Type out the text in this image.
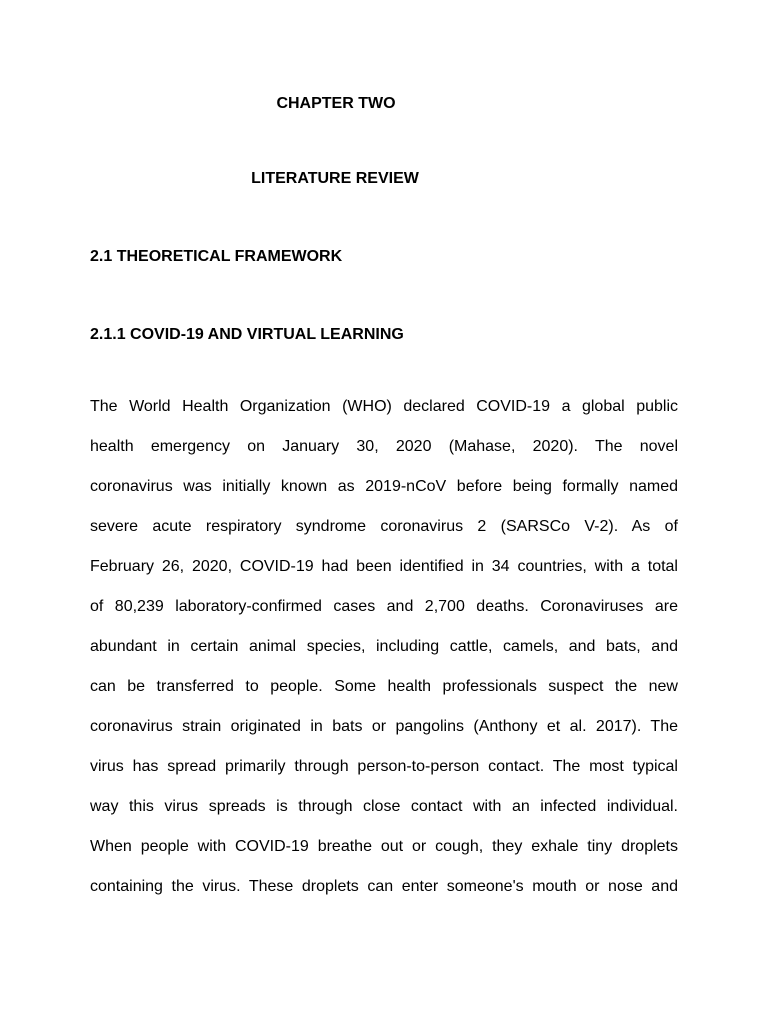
CHAPTER TWO
LITERATURE REVIEW
2.1 THEORETICAL FRAMEWORK
2.1.1 COVID-19 AND VIRTUAL LEARNING
The World Health Organization (WHO) declared COVID-19 a global public
health emergency on January 30, 2020 (Mahase, 2020). The novel
coronavirus was initially known as 2019-nCoV before being formally named
severe acute respiratory syndrome coronavirus 2 (SARSCo V-2). As of
February 26, 2020, COVID-19 had been identified in 34 countries, with a total
of 80,239 laboratory-confirmed cases and 2,700 deaths. Coronaviruses are
abundant in certain animal species, including cattle, camels, and bats, and
can be transferred to people. Some health professionals suspect the new
coronavirus strain originated in bats or pangolins (Anthony et al. 2017). The
virus has spread primarily through person-to-person contact. The most typical
way this virus spreads is through close contact with an infected individual.
When people with COVID-19 breathe out or cough, they exhale tiny droplets
containing the virus. These droplets can enter someone's mouth or nose and
